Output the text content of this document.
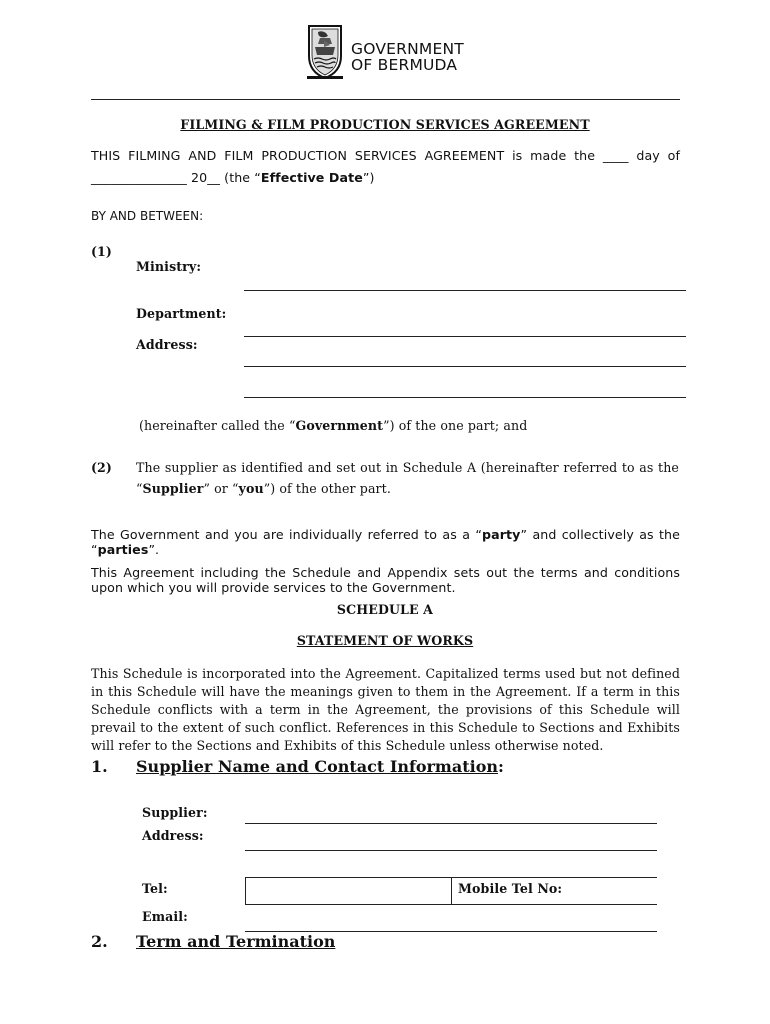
GOVERNMENT
OF BERMUDA
FILMING & FILM PRODUCTION SERVICES AGREEMENT
THIS FILMING AND FILM PRODUCTION SERVICES AGREEMENT is made the ____ day of
_______________ 20__ (the “Effective Date”)
BY AND BETWEEN:
(1)
Ministry:
Department:
Address:
(hereinafter called the “Government”) of the one part; and
(2) The supplier as identified and set out in Schedule A (hereinafter referred to as the
“Supplier” or “you”) of the other part.
The Government and you are individually referred to as a “party” and collectively as the
“parties”.
This Agreement including the Schedule and Appendix sets out the terms and conditions
upon which you will provide services to the Government.
SCHEDULE A
STATEMENT OF WORKS
This Schedule is incorporated into the Agreement. Capitalized terms used but not defined
in this Schedule will have the meanings given to them in the Agreement. If a term in this
Schedule conflicts with a term in the Agreement, the provisions of this Schedule will
prevail to the extent of such conflict. References in this Schedule to Sections and Exhibits
will refer to the Sections and Exhibits of this Schedule unless otherwise noted.
1. Supplier Name and Contact Information:
Supplier:
Address:
Tel:	Mobile Tel No:
Email:
2. Term and Termination
